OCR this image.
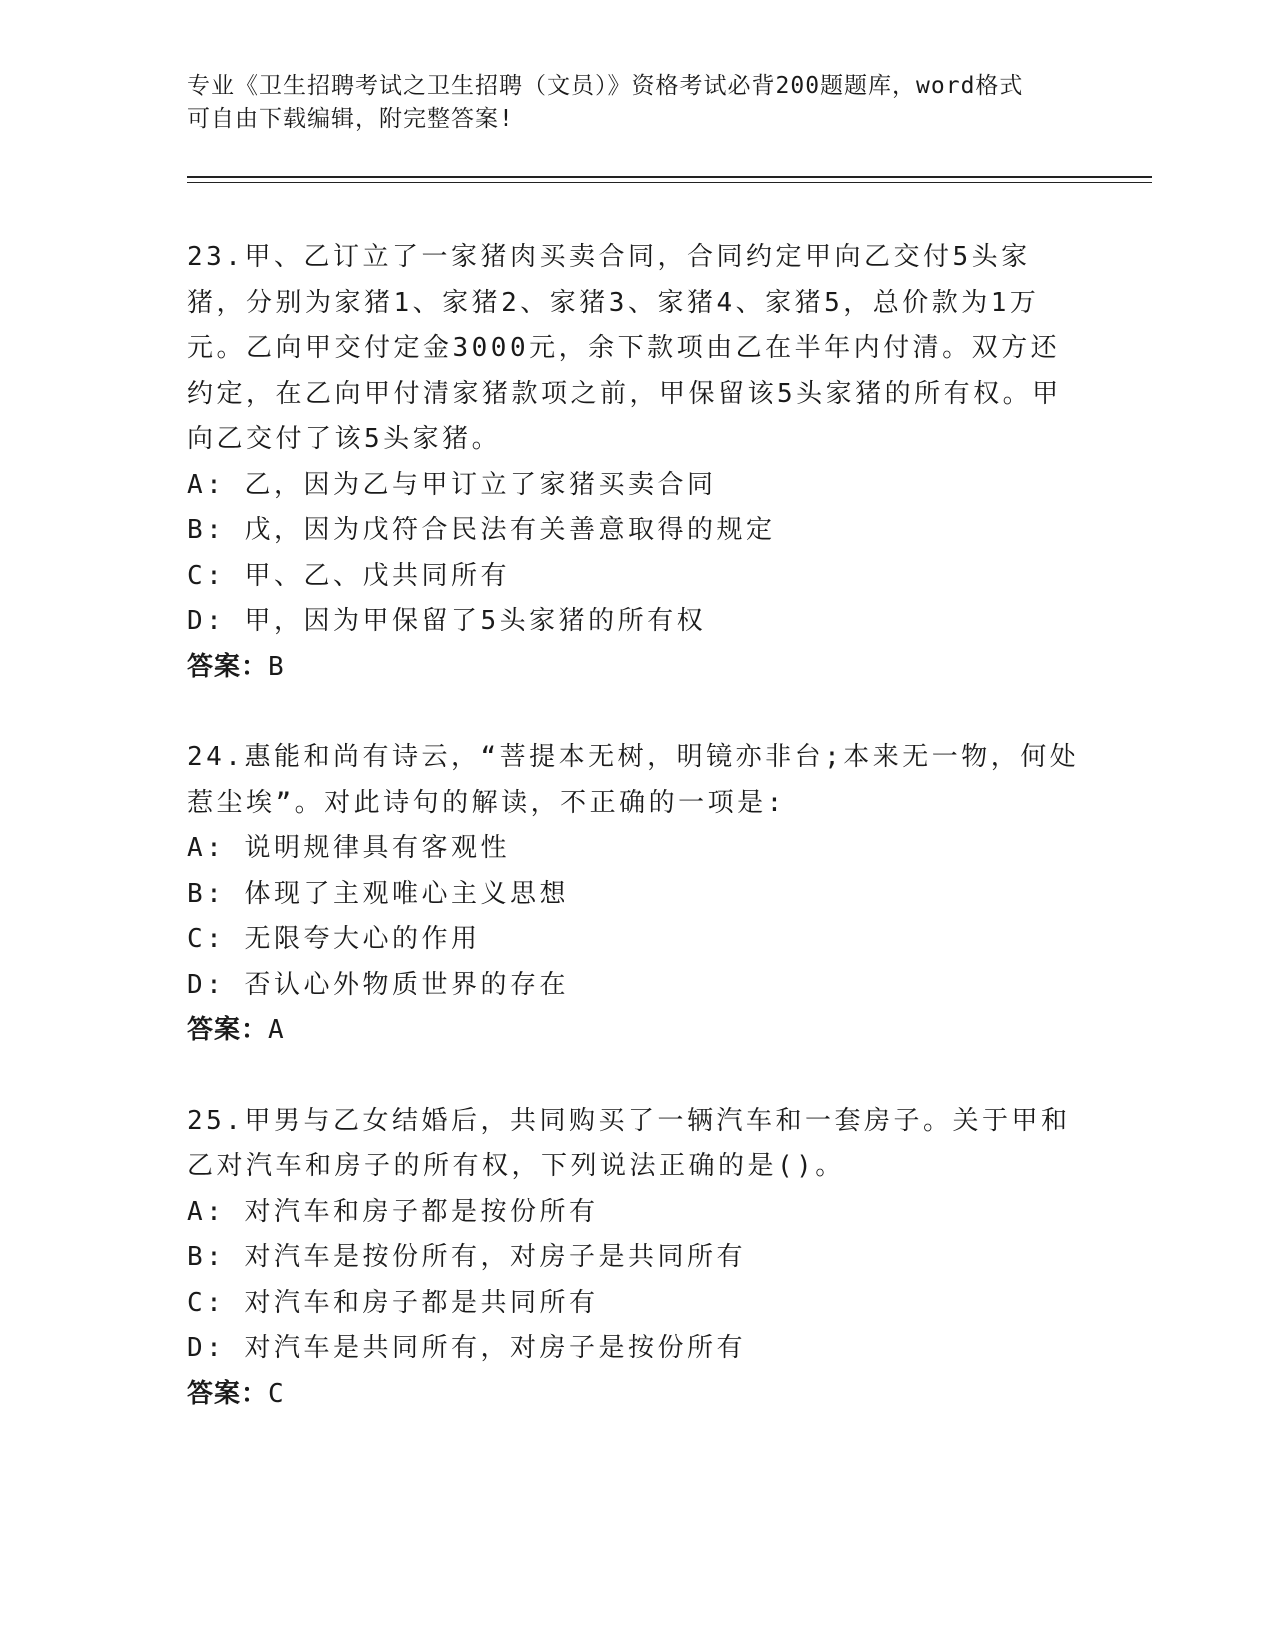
专业《卫生招聘考试之卫生招聘（文员）》资格考试必背200题题库，word格式
可自由下载编辑，附完整答案!
23.甲、乙订立了一家猪肉买卖合同，合同约定甲向乙交付5头家猪，分别为家猪1、家猪2、家猪3、家猪4、家猪5，总价款为1万元。乙向甲交付定金3000元，余下款项由乙在半年内付清。双方还约定，在乙向甲付清家猪款项之前，甲保留该5头家猪的所有权。甲向乙交付了该5头家猪。
A: 乙，因为乙与甲订立了家猪买卖合同
B: 戊，因为戊符合民法有关善意取得的规定
C: 甲、乙、戊共同所有
D: 甲，因为甲保留了5头家猪的所有权
答案：B
24.惠能和尚有诗云，“菩提本无树，明镜亦非台;本来无一物，何处惹尘埃”。对此诗句的解读，不正确的一项是:
A: 说明规律具有客观性
B: 体现了主观唯心主义思想
C: 无限夸大心的作用
D: 否认心外物质世界的存在
答案：A
25.甲男与乙女结婚后，共同购买了一辆汽车和一套房子。关于甲和乙对汽车和房子的所有权，下列说法正确的是()。
A: 对汽车和房子都是按份所有
B: 对汽车是按份所有，对房子是共同所有
C: 对汽车和房子都是共同所有
D: 对汽车是共同所有，对房子是按份所有
答案：C
